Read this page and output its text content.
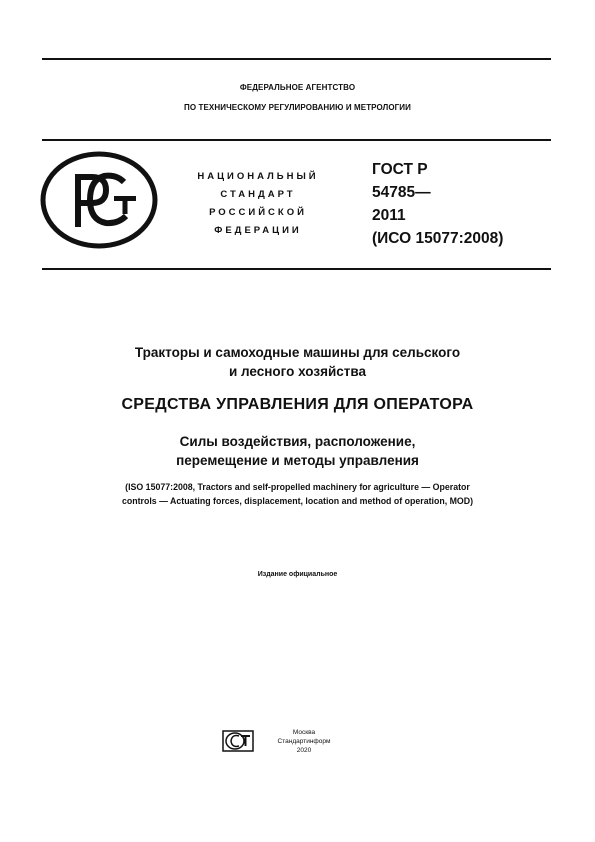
ФЕДЕРАЛЬНОЕ АГЕНТСТВО
ПО ТЕХНИЧЕСКОМУ РЕГУЛИРОВАНИЮ И МЕТРОЛОГИИ
НАЦИОНАЛЬНЫЙ
СТАНДАРТ
РОССИЙСКОЙ
ФЕДЕРАЦИИ
ГОСТ Р
54785—
2011
(ИСО 15077:2008)
Тракторы и самоходные машины для сельского
и лесного хозяйства
СРЕДСТВА УПРАВЛЕНИЯ ДЛЯ ОПЕРАТОРА
Силы воздействия, расположение,
перемещение и методы управления
(ISO 15077:2008, Tractors and self-propelled machinery for agriculture — Operator
controls — Actuating forces, displacement, location and method of operation, MOD)
Издание официальное
Москва
Стандартинформ
2020
